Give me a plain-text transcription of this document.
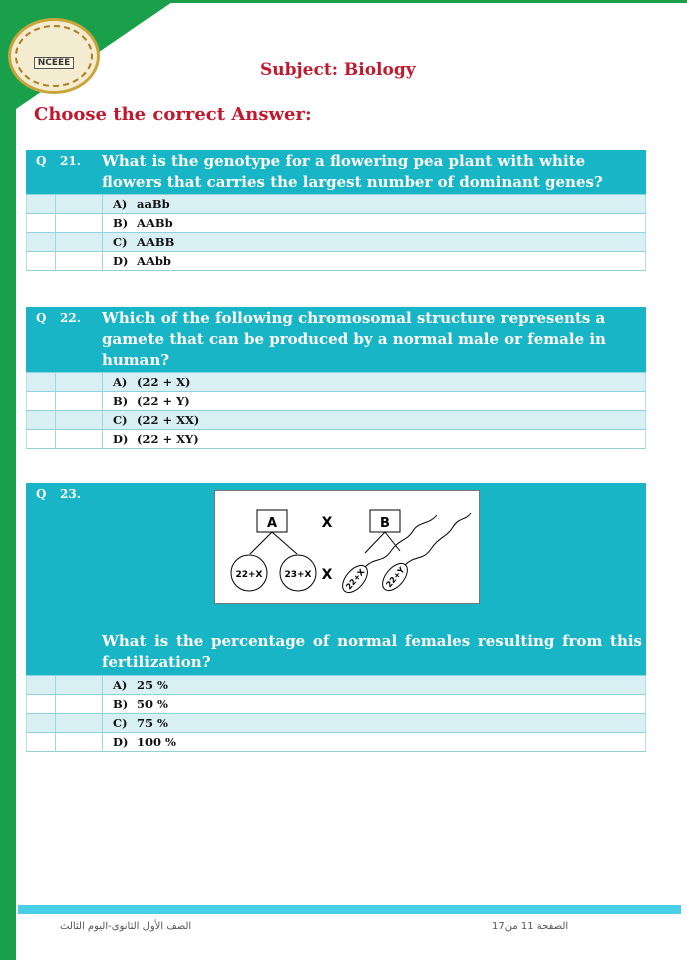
NCEEE	Subject: Biology
Choose the correct Answer:
Q	21.	What is the genotype for a flowering pea plant with white flowers that carries the largest number of dominant genes?
A) aaBb
B) AABb
C) AABB
D) AAbb
Q	22.	Which of the following chromosomal structure represents a gamete that can be produced by a normal male or female in human?
A) (22 + X)
B) (22 + Y)
C) (22 + XX)
D) (22 + XY)
Q	23.
A	X	B
22+X 23+X X 22+X 22+Y
What is the percentage of normal females resulting from this fertilization?
A) 25 %
B) 50 %
C) 75 %
D) 100 %
الصف الأول الثانوى-اليوم الثالث	الصفحة 11 من17
